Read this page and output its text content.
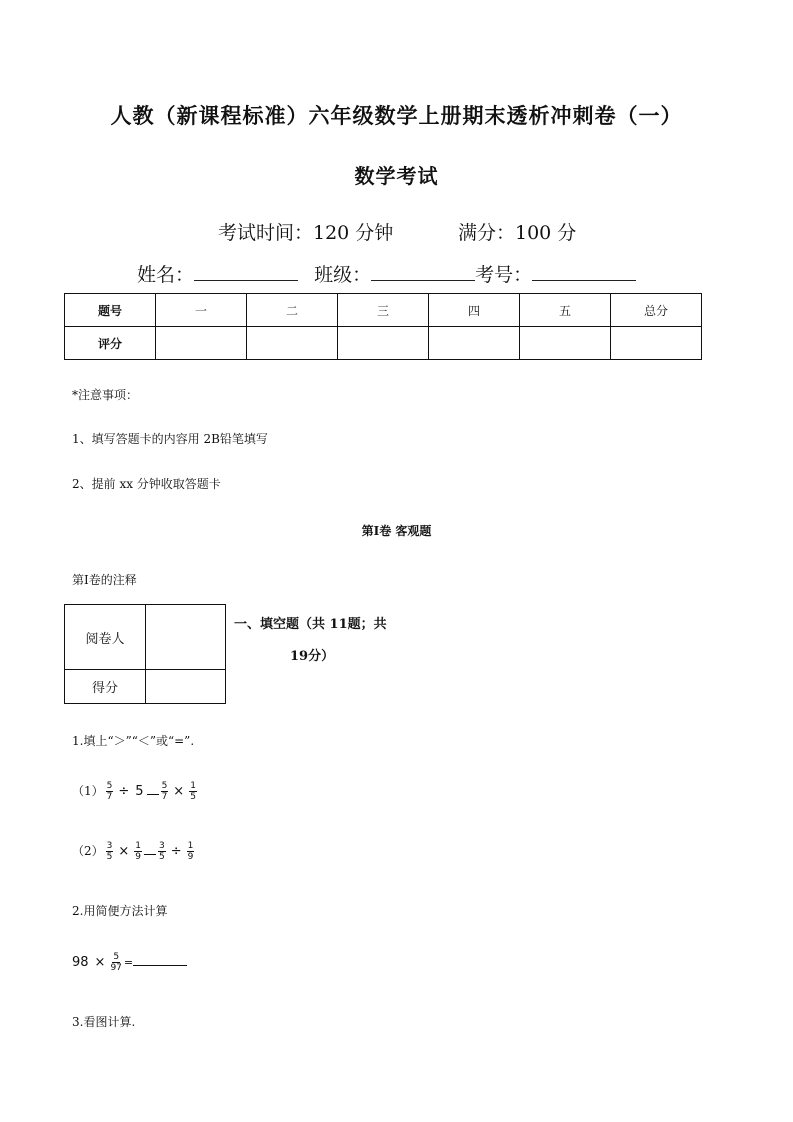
人教（新课程标准）六年级数学上册期末透析冲刺卷（一）
数学考试
考试时间：120 分钟	满分：100 分
姓名：	班级：	考号：
题号	一	二	三	四	五	总分
评分						
*注意事项：
1、填写答题卡的内容用 2B铅笔填写
2、提前 xx 分钟收取答题卡
第Ⅰ卷 客观题
第Ⅰ卷的注释
阅卷人	
得分	
一、填空题（共 11题；共
19分）
1.填上“＞”“＜”或“=”.
$(1) \frac{5}{7} \div 5 \frac{5}{7} \times \frac{1}{5}$
$(2) \frac{3}{5} \times \frac{1}{9} \frac{3}{5} \div \frac{1}{9}$
2.用简便方法计算
$98 \times \frac{5}{97}$ =
3.看图计算.
